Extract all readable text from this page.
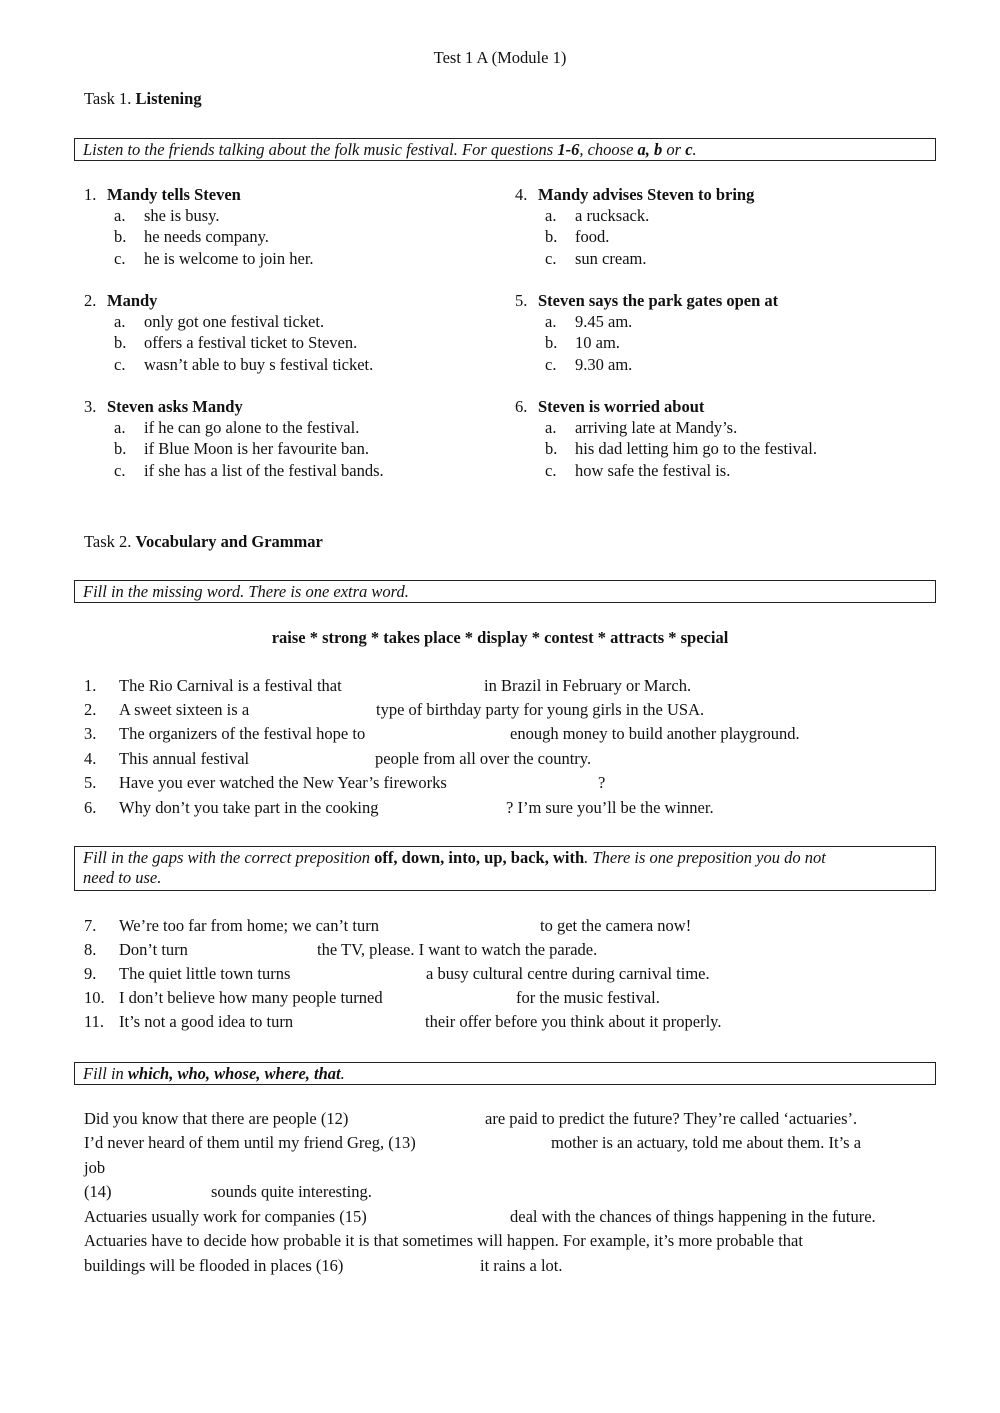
Test 1 A (Module 1)
Task 1. Listening
Listen to the friends talking about the folk music festival. For questions 1-6, choose a, b or c.
1. Mandy tells Steven
a. she is busy.
b. he needs company.
c. he is welcome to join her.
2. Mandy
a. only got one festival ticket.
b. offers a festival ticket to Steven.
c. wasn’t able to buy s festival ticket.
3. Steven asks Mandy
a. if he can go alone to the festival.
b. if Blue Moon is her favourite ban.
c. if she has a list of the festival bands.
4. Mandy advises Steven to bring
a. a rucksack.
b. food.
c. sun cream.
5. Steven says the park gates open at
a. 9.45 am.
b. 10 am.
c. 9.30 am.
6. Steven is worried about
a. arriving late at Mandy’s.
b. his dad letting him go to the festival.
c. how safe the festival is.
Task 2. Vocabulary and Grammar
Fill in the missing word. There is one extra word.
raise * strong * takes place * display * contest * attracts * special
1. The Rio Carnival is a festival that	in Brazil in February or March.
2. A sweet sixteen is a	type of birthday party for young girls in the USA.
3. The organizers of the festival hope to	enough money to build another playground.
4. This annual festival	people from all over the country.
5. Have you ever watched the New Year’s fireworks	?
6. Why don’t you take part in the cooking	? I’m sure you’ll be the winner.
Fill in the gaps with the correct preposition off, down, into, up, back, with. There is one preposition you do not
need to use.
7. We’re too far from home; we can’t turn	to get the camera now!
8. Don’t turn	the TV, please. I want to watch the parade.
9. The quiet little town turns	a busy cultural centre during carnival time.
10. I don’t believe how many people turned	for the music festival.
11. It’s not a good idea to turn	their offer before you think about it properly.
Fill in which, who, whose, where, that.
Did you know that there are people (12)	are paid to predict the future? They’re called ‘actuaries’.
I’d never heard of them until my friend Greg, (13)	mother is an actuary, told me about them. It’s a
job
(14)	sounds quite interesting.
Actuaries usually work for companies (15)	deal with the chances of things happening in the future.
Actuaries have to decide how probable it is that sometimes will happen. For example, it’s more probable that
buildings will be flooded in places (16)	it rains a lot.
